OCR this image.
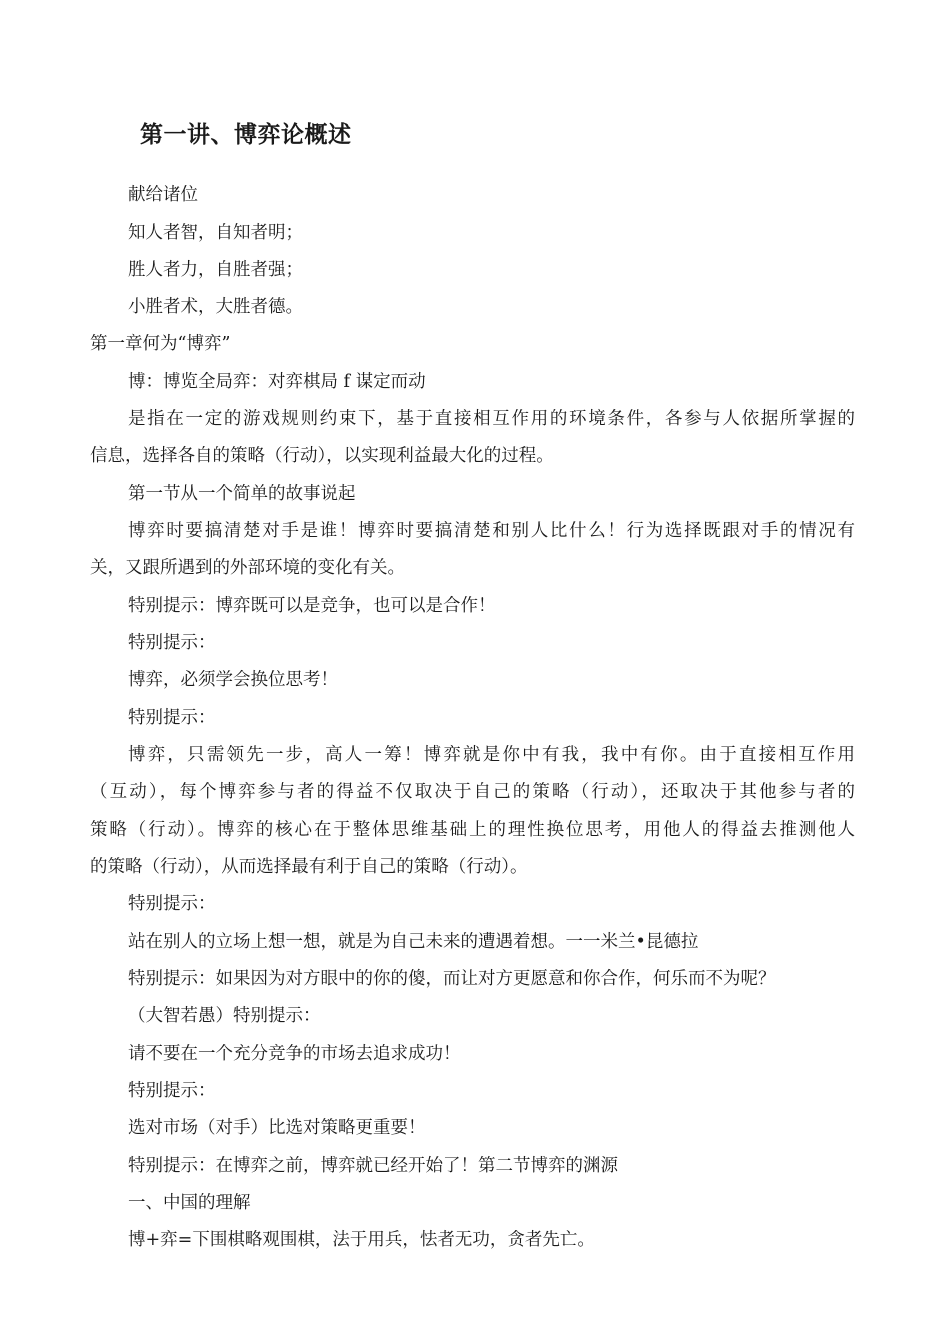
第一讲、博弈论概述
献给诸位
知人者智，自知者明；
胜人者力，自胜者强；
小胜者术，大胜者德。
第一章何为“博弈”
博：博览全局弈：对弈棋局 f 谋定而动
是指在一定的游戏规则约束下，基于直接相互作用的环境条件，各参与人依据所掌握的
信息，选择各自的策略（行动），以实现利益最大化的过程。
第一节从一个简单的故事说起
博弈时要搞清楚对手是谁！博弈时要搞清楚和别人比什么！行为选择既跟对手的情况有
关，又跟所遇到的外部环境的变化有关。
特别提示：博弈既可以是竞争，也可以是合作！
特别提示：
博弈，必须学会换位思考！
特别提示：
博弈，只需领先一步，高人一筹！博弈就是你中有我，我中有你。由于直接相互作用
（互动），每个博弈参与者的得益不仅取决于自己的策略（行动），还取决于其他参与者的
策略（行动）。博弈的核心在于整体思维基础上的理性换位思考，用他人的得益去推测他人
的策略（行动），从而选择最有利于自己的策略（行动）。
特别提示：
站在别人的立场上想一想，就是为自己未来的遭遇着想。一一米兰•昆德拉
特别提示：如果因为对方眼中的你的傻，而让对方更愿意和你合作，何乐而不为呢？
（大智若愚）特别提示：
请不要在一个充分竞争的市场去追求成功！
特别提示：
选对市场（对手）比选对策略更重要！
特别提示：在博弈之前，博弈就已经开始了！第二节博弈的渊源
一、中国的理解
博+弈=下围棋略观围棋，法于用兵，怯者无功，贪者先亡。
